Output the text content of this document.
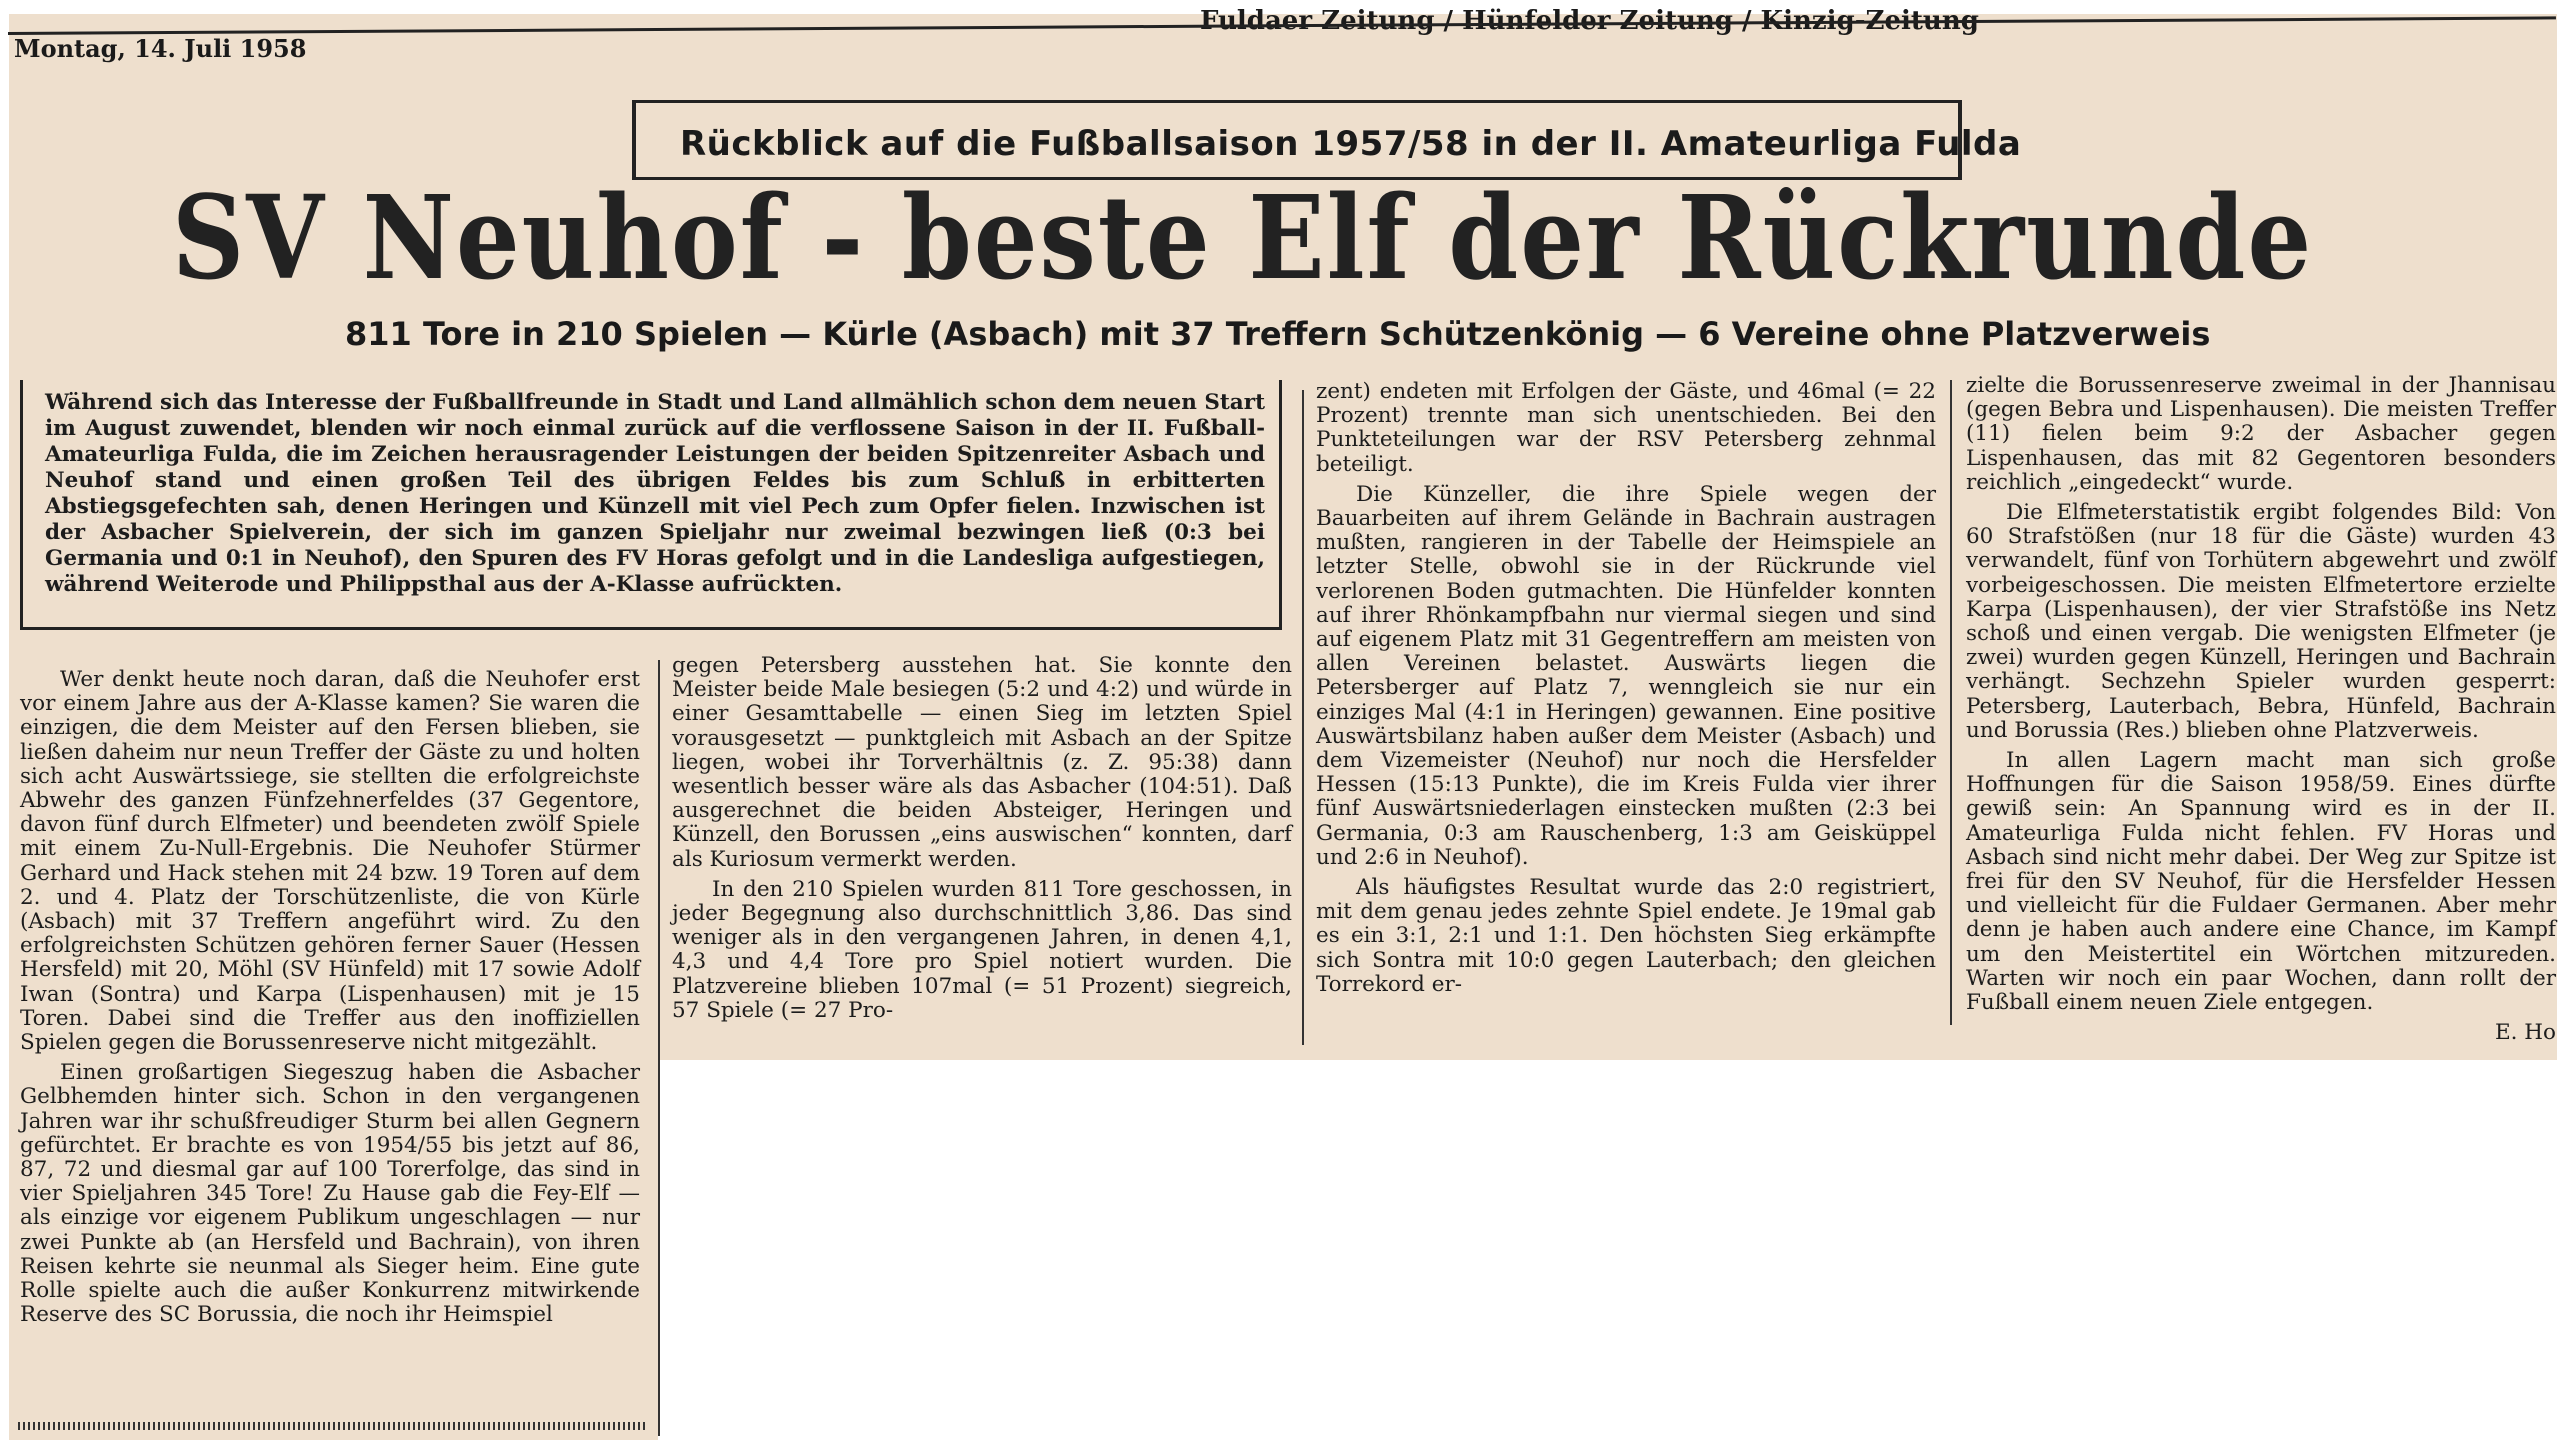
Montag, 14. Juli 1958
Fuldaer Zeitung / Hünfelder Zeitung / Kinzig-Zeitung
Rückblick auf die Fußballsaison 1957/58 in der II. Amateurliga Fulda
SV Neuhof - beste Elf der Rückrunde
811 Tore in 210 Spielen — Kürle (Asbach) mit 37 Treffern Schützenkönig — 6 Vereine ohne Platzverweis
Während sich das Interesse der Fußballfreunde in Stadt und Land allmählich schon dem neuen Start im August zuwendet, blenden wir noch einmal zurück auf die verflossene Saison in der II. Fußball-Amateurliga Fulda, die im Zeichen herausragender Leistungen der beiden Spitzenreiter Asbach und Neuhof stand und einen großen Teil des übrigen Feldes bis zum Schluß in erbitterten Abstiegsgefechten sah, denen Heringen und Künzell mit viel Pech zum Opfer fielen. Inzwischen ist der Asbacher Spielverein, der sich im ganzen Spieljahr nur zweimal bezwingen ließ (0:3 bei Germania und 0:1 in Neuhof), den Spuren des FV Horas gefolgt und in die Landesliga aufgestiegen, während Weiterode und Philippsthal aus der A-Klasse aufrückten.

Wer denkt heute noch daran, daß die Neuhofer erst vor einem Jahre aus der A-Klasse kamen? Sie waren die einzigen, die dem Meister auf den Fersen blieben, sie ließen daheim nur neun Treffer der Gäste zu und holten sich acht Auswärtssiege, sie stellten die erfolgreichste Abwehr des ganzen Fünfzehnerfeldes (37 Gegentore, davon fünf durch Elfmeter) und beendeten zwölf Spiele mit einem Zu-Null-Ergebnis. Die Neuhofer Stürmer Gerhard und Hack stehen mit 24 bzw. 19 Toren auf dem 2. und 4. Platz der Torschützenliste, die von Kürle (Asbach) mit 37 Treffern angeführt wird. Zu den erfolgreichsten Schützen gehören ferner Sauer (Hessen Hersfeld) mit 20, Möhl (SV Hünfeld) mit 17 sowie Adolf Iwan (Sontra) und Karpa (Lispenhausen) mit je 15 Toren. Dabei sind die Treffer aus den inoffiziellen Spielen gegen die Borussenreserve nicht mitgezählt.

Einen großartigen Siegeszug haben die Asbacher Gelbhemden hinter sich. Schon in den vergangenen Jahren war ihr schußfreudiger Sturm bei allen Gegnern gefürchtet. Er brachte es von 1954/55 bis jetzt auf 86, 87, 72 und diesmal gar auf 100 Torerfolge, das sind in vier Spieljahren 345 Tore! Zu Hause gab die Fey-Elf — als einzige vor eigenem Publikum ungeschlagen — nur zwei Punkte ab (an Hersfeld und Bachrain), von ihren Reisen kehrte sie neunmal als Sieger heim. Eine gute Rolle spielte auch die außer Konkurrenz mitwirkende Reserve des SC Borussia, die noch ihr Heimspiel

gegen Petersberg ausstehen hat. Sie konnte den Meister beide Male besiegen (5:2 und 4:2) und würde in einer Gesamttabelle — einen Sieg im letzten Spiel vorausgesetzt — punktgleich mit Asbach an der Spitze liegen, wobei ihr Torverhältnis (z. Z. 95:38) dann wesentlich besser wäre als das Asbacher (104:51). Daß ausgerechnet die beiden Absteiger, Heringen und Künzell, den Borussen „eins auswischen“ konnten, darf als Kuriosum vermerkt werden.

In den 210 Spielen wurden 811 Tore geschossen, in jeder Begegnung also durchschnittlich 3,86. Das sind weniger als in den vergangenen Jahren, in denen 4,1, 4,3 und 4,4 Tore pro Spiel notiert wurden. Die Platzvereine blieben 107mal (= 51 Prozent) siegreich, 57 Spiele (= 27 Pro-

zent) endeten mit Erfolgen der Gäste, und 46mal (= 22 Prozent) trennte man sich unentschieden. Bei den Punkteteilungen war der RSV Petersberg zehnmal beteiligt.

Die Künzeller, die ihre Spiele wegen der Bauarbeiten auf ihrem Gelände in Bachrain austragen mußten, rangieren in der Tabelle der Heimspiele an letzter Stelle, obwohl sie in der Rückrunde viel verlorenen Boden gutmachten. Die Hünfelder konnten auf ihrer Rhönkampfbahn nur viermal siegen und sind auf eigenem Platz mit 31 Gegentreffern am meisten von allen Vereinen belastet. Auswärts liegen die Petersberger auf Platz 7, wenngleich sie nur ein einziges Mal (4:1 in Heringen) gewannen. Eine positive Auswärtsbilanz haben außer dem Meister (Asbach) und dem Vizemeister (Neuhof) nur noch die Hersfelder Hessen (15:13 Punkte), die im Kreis Fulda vier ihrer fünf Auswärtsniederlagen einstecken mußten (2:3 bei Germania, 0:3 am Rauschenberg, 1:3 am Geisküppel und 2:6 in Neuhof).

Als häufigstes Resultat wurde das 2:0 registriert, mit dem genau jedes zehnte Spiel endete. Je 19mal gab es ein 3:1, 2:1 und 1:1. Den höchsten Sieg erkämpfte sich Sontra mit 10:0 gegen Lauterbach; den gleichen Torrekord er-

zielte die Borussenreserve zweimal in der Jhannisau (gegen Bebra und Lispenhausen). Die meisten Treffer (11) fielen beim 9:2 der Asbacher gegen Lispenhausen, das mit 82 Gegentoren besonders reichlich „eingedeckt“ wurde.

Die Elfmeterstatistik ergibt folgendes Bild: Von 60 Strafstößen (nur 18 für die Gäste) wurden 43 verwandelt, fünf von Torhütern abgewehrt und zwölf vorbeigeschossen. Die meisten Elfmetertore erzielte Karpa (Lispenhausen), der vier Strafstöße ins Netz schoß und einen vergab. Die wenigsten Elfmeter (je zwei) wurden gegen Künzell, Heringen und Bachrain verhängt. Sechzehn Spieler wurden gesperrt: Petersberg, Lauterbach, Bebra, Hünfeld, Bachrain und Borussia (Res.) blieben ohne Platzverweis.

In allen Lagern macht man sich große Hoffnungen für die Saison 1958/59. Eines dürfte gewiß sein: An Spannung wird es in der II. Amateurliga Fulda nicht fehlen. FV Horas und Asbach sind nicht mehr dabei. Der Weg zur Spitze ist frei für den SV Neuhof, für die Hersfelder Hessen und vielleicht für die Fuldaer Germanen. Aber mehr denn je haben auch andere eine Chance, im Kampf um den Meistertitel ein Wörtchen mitzureden. Warten wir noch ein paar Wochen, dann rollt der Fußball einem neuen Ziele entgegen.

E. Ho
